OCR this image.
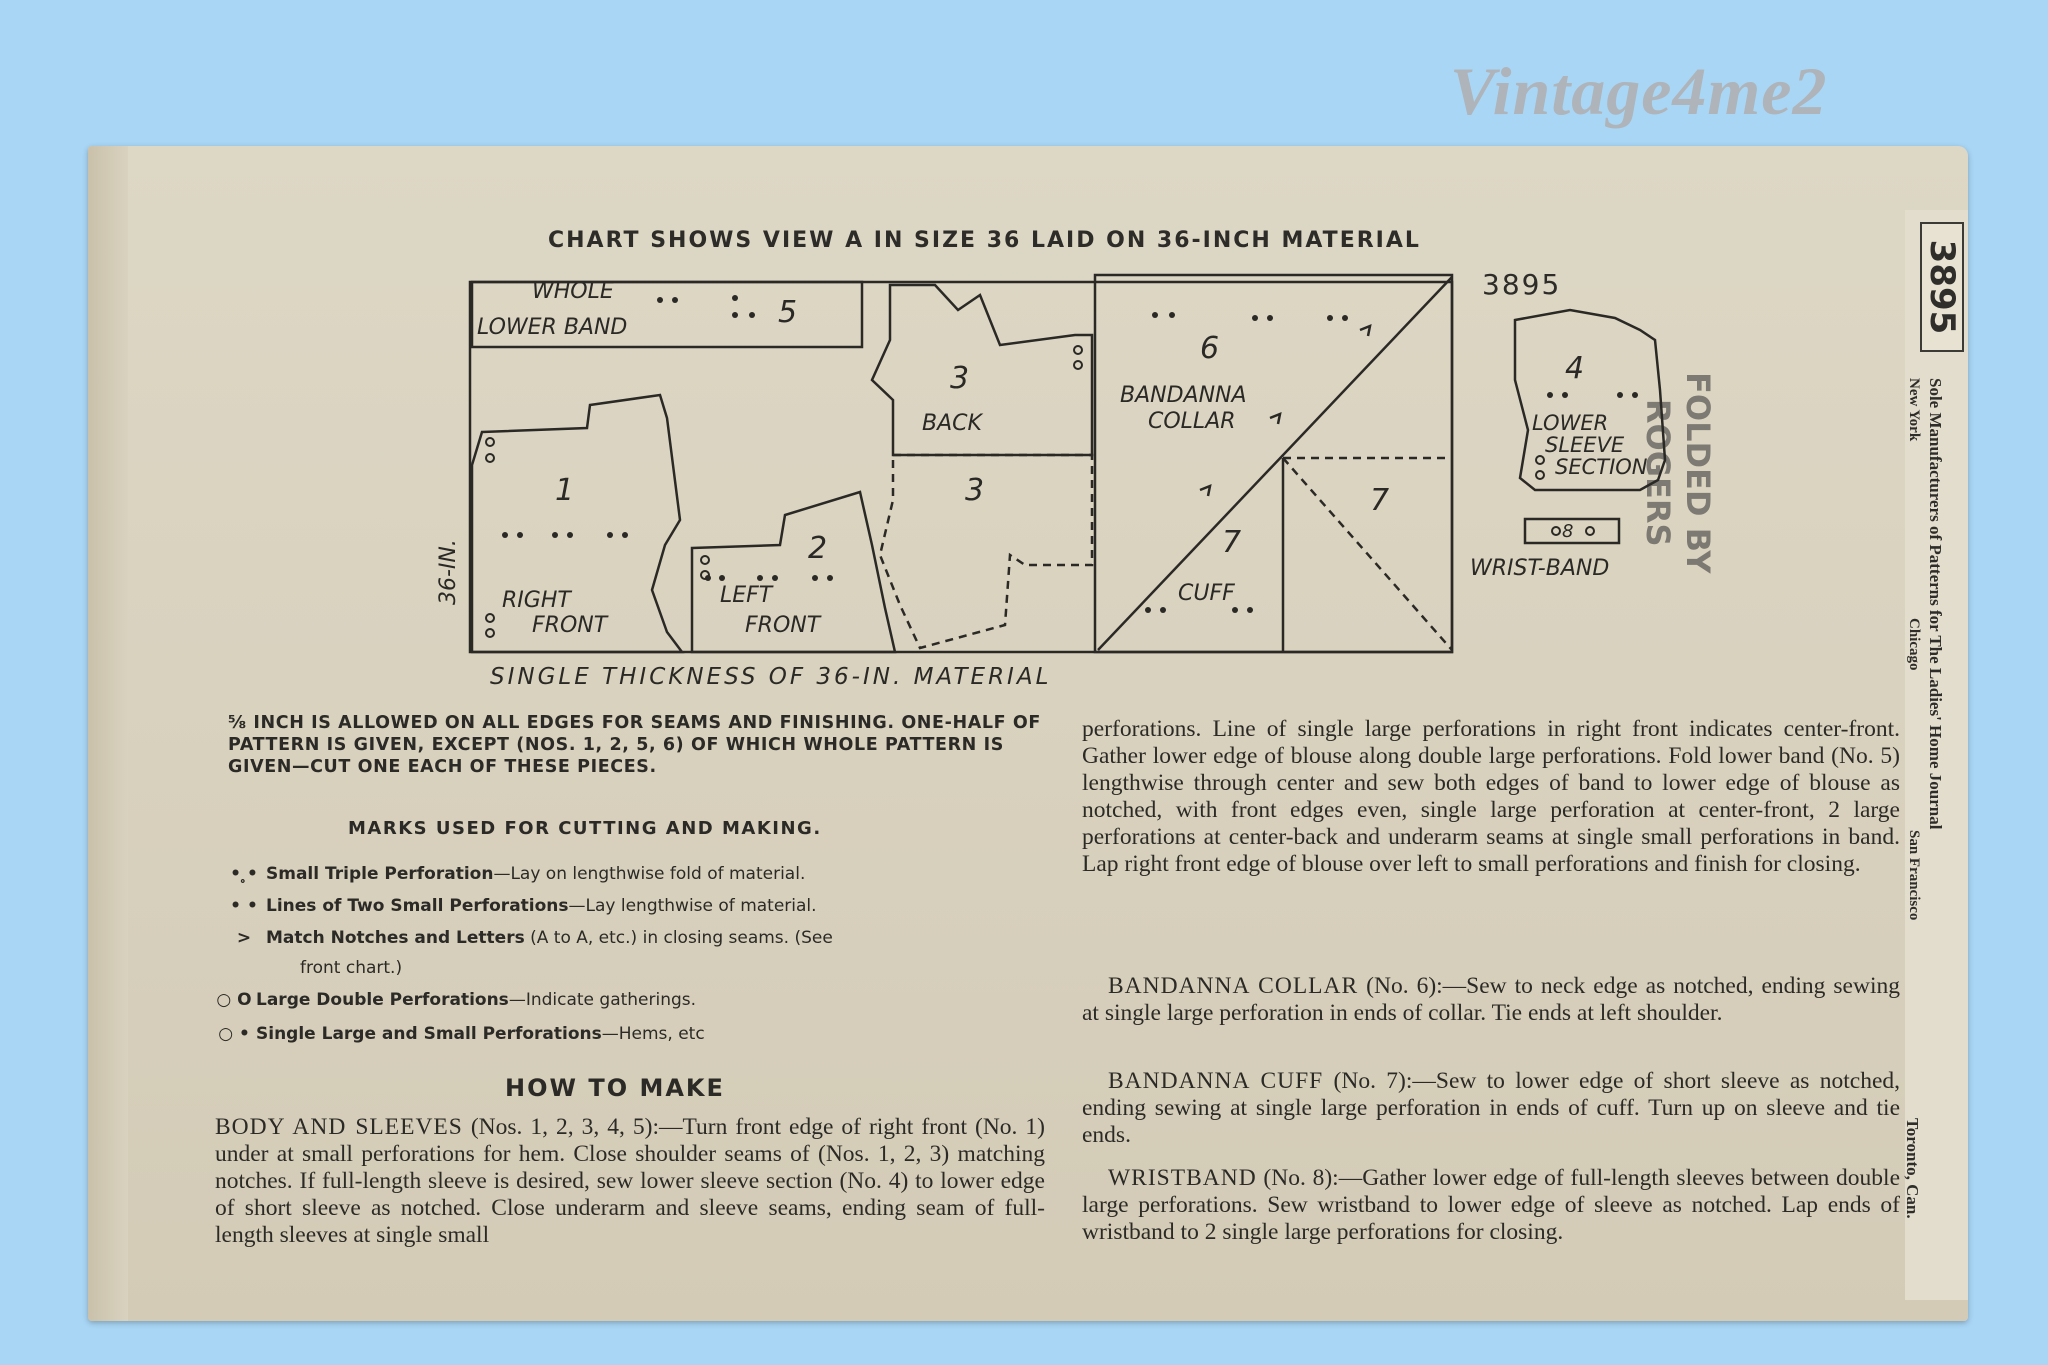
Vintage4me2
3895
Sole Manufacturers of Patterns for The Ladies' Home Journal
New York
Chicago
San Francisco
Toronto, Can.
FOLDED BY
ROGERS
CHART SHOWS VIEW A IN SIZE 36 LAID ON 36-INCH MATERIAL
3895
WHOLE
LOWER BAND	5
3
BACK
3
1
RIGHT
FRONT
2
LEFT
FRONT
6
BANDANNA
COLLAR
7
CUFF
7
4
LOWER
SLEEVE
SECTION
8
WRIST-BAND
36-IN.
SINGLE THICKNESS OF 36-IN. MATERIAL
⅝ INCH IS ALLOWED ON ALL EDGES FOR SEAMS AND FINISHING. ONE-HALF OF PATTERN IS GIVEN, EXCEPT (NOS. 1, 2, 5, 6) OF WHICH WHOLE PATTERN IS GIVEN—CUT ONE EACH OF THESE PIECES.
MARKS USED FOR CUTTING AND MAKING.
• ̥• Small Triple Perforation—Lay on lengthwise fold of material.
• • Lines of Two Small Perforations—Lay lengthwise of material.
> Match Notches and Letters (A to A, etc.) in closing seams. (See
front chart.)
○ O Large Double Perforations—Indicate gatherings.
○ • Single Large and Small Perforations—Hems, etc
HOW TO MAKE
BODY AND SLEEVES (Nos. 1, 2, 3, 4, 5):—Turn front edge of right front (No. 1) under at small perforations for hem. Close shoulder seams of (Nos. 1, 2, 3) matching notches. If full-length sleeve is desired, sew lower sleeve section (No. 4) to lower edge of short sleeve as notched. Close underarm and sleeve seams, ending seam of full-length sleeves at single small
perforations. Line of single large perforations in right front indicates center-front. Gather lower edge of blouse along double large perforations. Fold lower band (No. 5) lengthwise through center and sew both edges of band to lower edge of blouse as notched, with front edges even, single large perforation at center-front, 2 large perforations at center-back and underarm seams at single small perforations in band. Lap right front edge of blouse over left to small perforations and finish for closing.
BANDANNA COLLAR (No. 6):—Sew to neck edge as notched, ending sewing at single large perforation in ends of collar. Tie ends at left shoulder.
BANDANNA CUFF (No. 7):—Sew to lower edge of short sleeve as notched, ending sewing at single large perforation in ends of cuff. Turn up on sleeve and tie ends.
WRISTBAND (No. 8):—Gather lower edge of full-length sleeves between double large perforations. Sew wristband to lower edge of sleeve as notched. Lap ends of wristband to 2 single large perforations for closing.
